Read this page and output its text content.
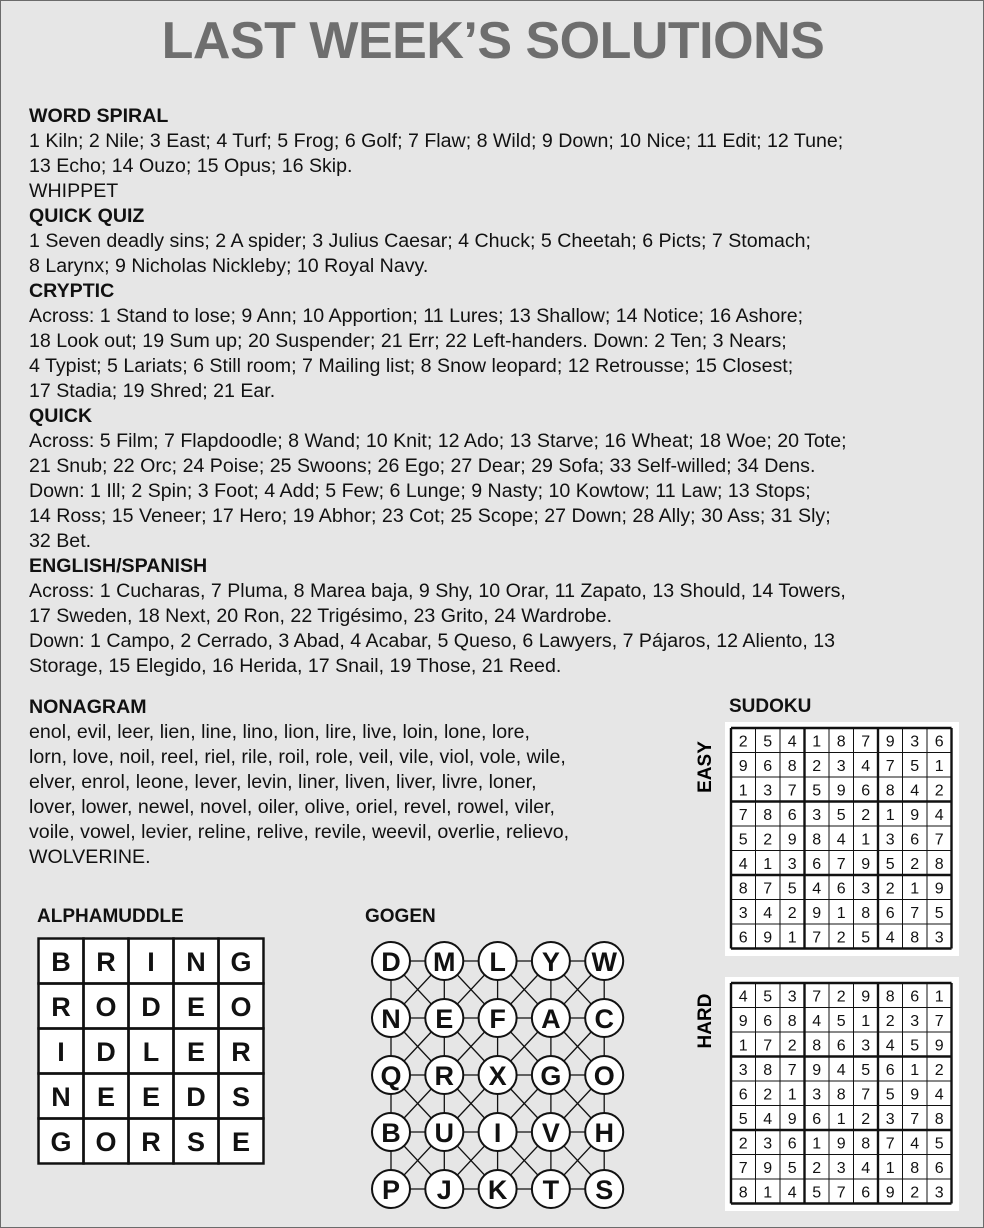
LAST WEEK’S SOLUTIONS
WORD SPIRAL
1 Kiln; 2 Nile; 3 East; 4 Turf; 5 Frog; 6 Golf; 7 Flaw; 8 Wild; 9 Down; 10 Nice; 11 Edit; 12 Tune;
13 Echo; 14 Ouzo; 15 Opus; 16 Skip.
WHIPPET
QUICK QUIZ
1 Seven deadly sins; 2 A spider; 3 Julius Caesar; 4 Chuck; 5 Cheetah; 6 Picts; 7 Stomach;
8 Larynx; 9 Nicholas Nickleby; 10 Royal Navy.
CRYPTIC
Across: 1 Stand to lose; 9 Ann; 10 Apportion; 11 Lures; 13 Shallow; 14 Notice; 16 Ashore;
18 Look out; 19 Sum up; 20 Suspender; 21 Err; 22 Left-handers. Down: 2 Ten; 3 Nears;
4 Typist; 5 Lariats; 6 Still room; 7 Mailing list; 8 Snow leopard; 12 Retrousse; 15 Closest;
17 Stadia; 19 Shred; 21 Ear.
QUICK
Across: 5 Film; 7 Flapdoodle; 8 Wand; 10 Knit; 12 Ado; 13 Starve; 16 Wheat; 18 Woe; 20 Tote;
21 Snub; 22 Orc; 24 Poise; 25 Swoons; 26 Ego; 27 Dear; 29 Sofa; 33 Self-willed; 34 Dens.
Down: 1 Ill; 2 Spin; 3 Foot; 4 Add; 5 Few; 6 Lunge; 9 Nasty; 10 Kowtow; 11 Law; 13 Stops;
14 Ross; 15 Veneer; 17 Hero; 19 Abhor; 23 Cot; 25 Scope; 27 Down; 28 Ally; 30 Ass; 31 Sly;
32 Bet.
ENGLISH/SPANISH
Across: 1 Cucharas, 7 Pluma, 8 Marea baja, 9 Shy, 10 Orar, 11 Zapato, 13 Should, 14 Towers,
17 Sweden, 18 Next, 20 Ron, 22 Trigésimo, 23 Grito, 24 Wardrobe.
Down: 1 Campo, 2 Cerrado, 3 Abad, 4 Acabar, 5 Queso, 6 Lawyers, 7 Pájaros, 12 Aliento, 13
Storage, 15 Elegido, 16 Herida, 17 Snail, 19 Those, 21 Reed.
NONAGRAM
enol, evil, leer, lien, line, lino, lion, lire, live, loin, lone, lore,
lorn, love, noil, reel, riel, rile, roil, role, veil, vile, viol, vole, wile,
elver, enrol, leone, lever, levin, liner, liven, liver, livre, loner,
lover, lower, newel, novel, oiler, olive, oriel, revel, rowel, viler,
voile, vowel, levier, reline, relive, revile, weevil, overlie, relievo,
WOLVERINE.
ALPHAMUDDLE
B R I N G
R O D E O
I D L E R
N E E D S
G O R S E
GOGEN
D M L Y W
N E F A C
Q R X G O
B U I V H
P J K T S
SUDOKU
EASY 2 5 4 1 8 7 9 3 6
9 6 8 2 3 4 7 5 1
1 3 7 5 9 6 8 4 2
7 8 6 3 5 2 1 9 4
5 2 9 8 4 1 3 6 7
4 1 3 6 7 9 5 2 8
8 7 5 4 6 3 2 1 9
3 4 2 9 1 8 6 7 5
6 9 1 7 2 5 4 8 3
HARD 4 5 3 7 2 9 8 6 1
9 6 8 4 5 1 2 3 7
1 7 2 8 6 3 4 5 9
3 8 7 9 4 5 6 1 2
6 2 1 3 8 7 5 9 4
5 4 9 6 1 2 3 7 8
2 3 6 1 9 8 7 4 5
7 9 5 2 3 4 1 8 6
8 1 4 5 7 6 9 2 3
